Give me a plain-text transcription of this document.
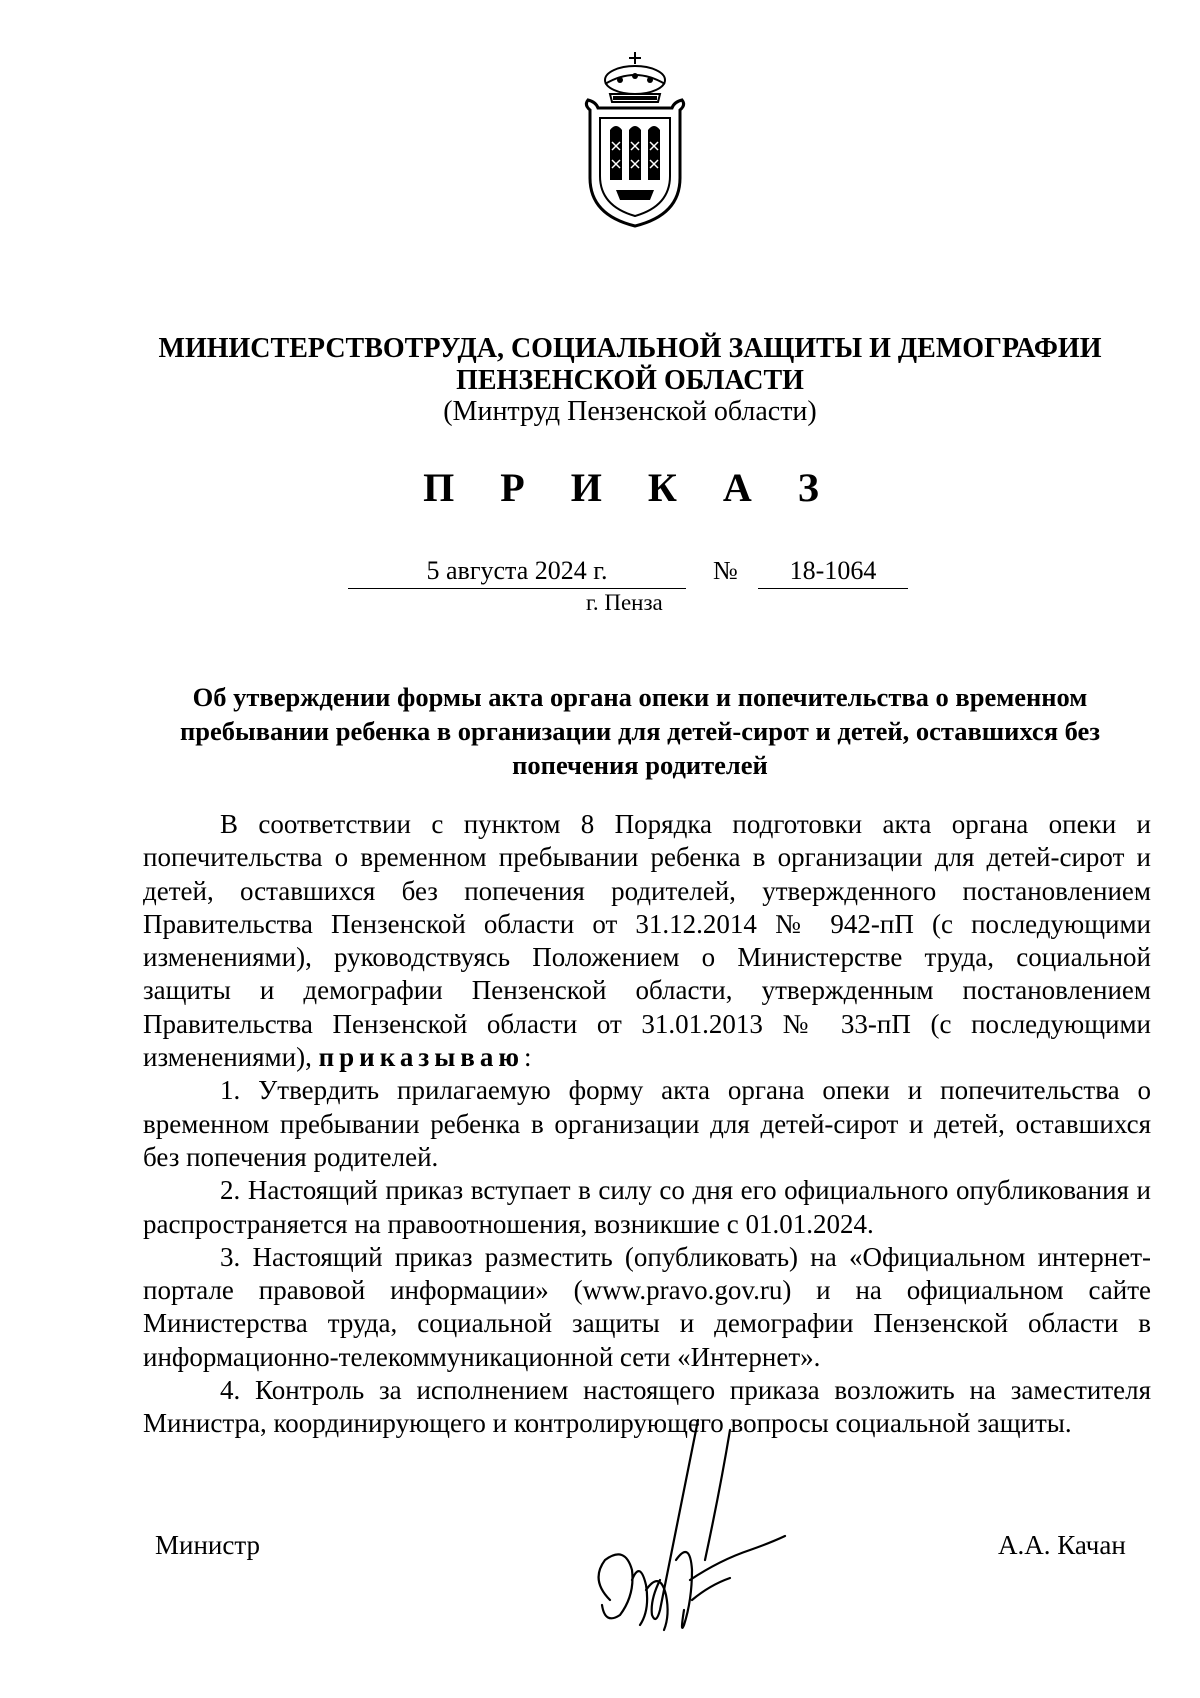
МИНИСТЕРСТВОТРУДА, СОЦИАЛЬНОЙ ЗАЩИТЫ И ДЕМОГРАФИИ
ПЕНЗЕНСКОЙ ОБЛАСТИ
(Минтруд Пензенской области)
П Р И К А З
5 августа 2024 г.	№	18-1064
г. Пенза
Об утверждении формы акта органа опеки и попечительства о временном пребывании ребенка в организации для детей-сирот и детей, оставшихся без попечения родителей

В соответствии с пунктом 8 Порядка подготовки акта органа опеки и попечительства о временном пребывании ребенка в организации для детей-сирот и детей, оставшихся без попечения родителей, утвержденного постановлением Правительства Пензенской области от 31.12.2014 № 942-пП (с последующими изменениями), руководствуясь Положением о Министерстве труда, социальной защиты и демографии Пензенской области, утвержденным постановлением Правительства Пензенской области от 31.01.2013 № 33-пП (с последующими изменениями), приказываю:

1. Утвердить прилагаемую форму акта органа опеки и попечительства о временном пребывании ребенка в организации для детей-сирот и детей, оставшихся без попечения родителей.

2. Настоящий приказ вступает в силу со дня его официального опубликования и распространяется на правоотношения, возникшие с 01.01.2024.

3. Настоящий приказ разместить (опубликовать) на «Официальном интернет-портале правовой информации» (www.pravo.gov.ru) и на официальном сайте Министерства труда, социальной защиты и демографии Пензенской области в информационно-телекоммуникационной сети «Интернет».

4. Контроль за исполнением настоящего приказа возложить на заместителя Министра, координирующего и контролирующего вопросы социальной защиты.

Министр	А.А. Качан
